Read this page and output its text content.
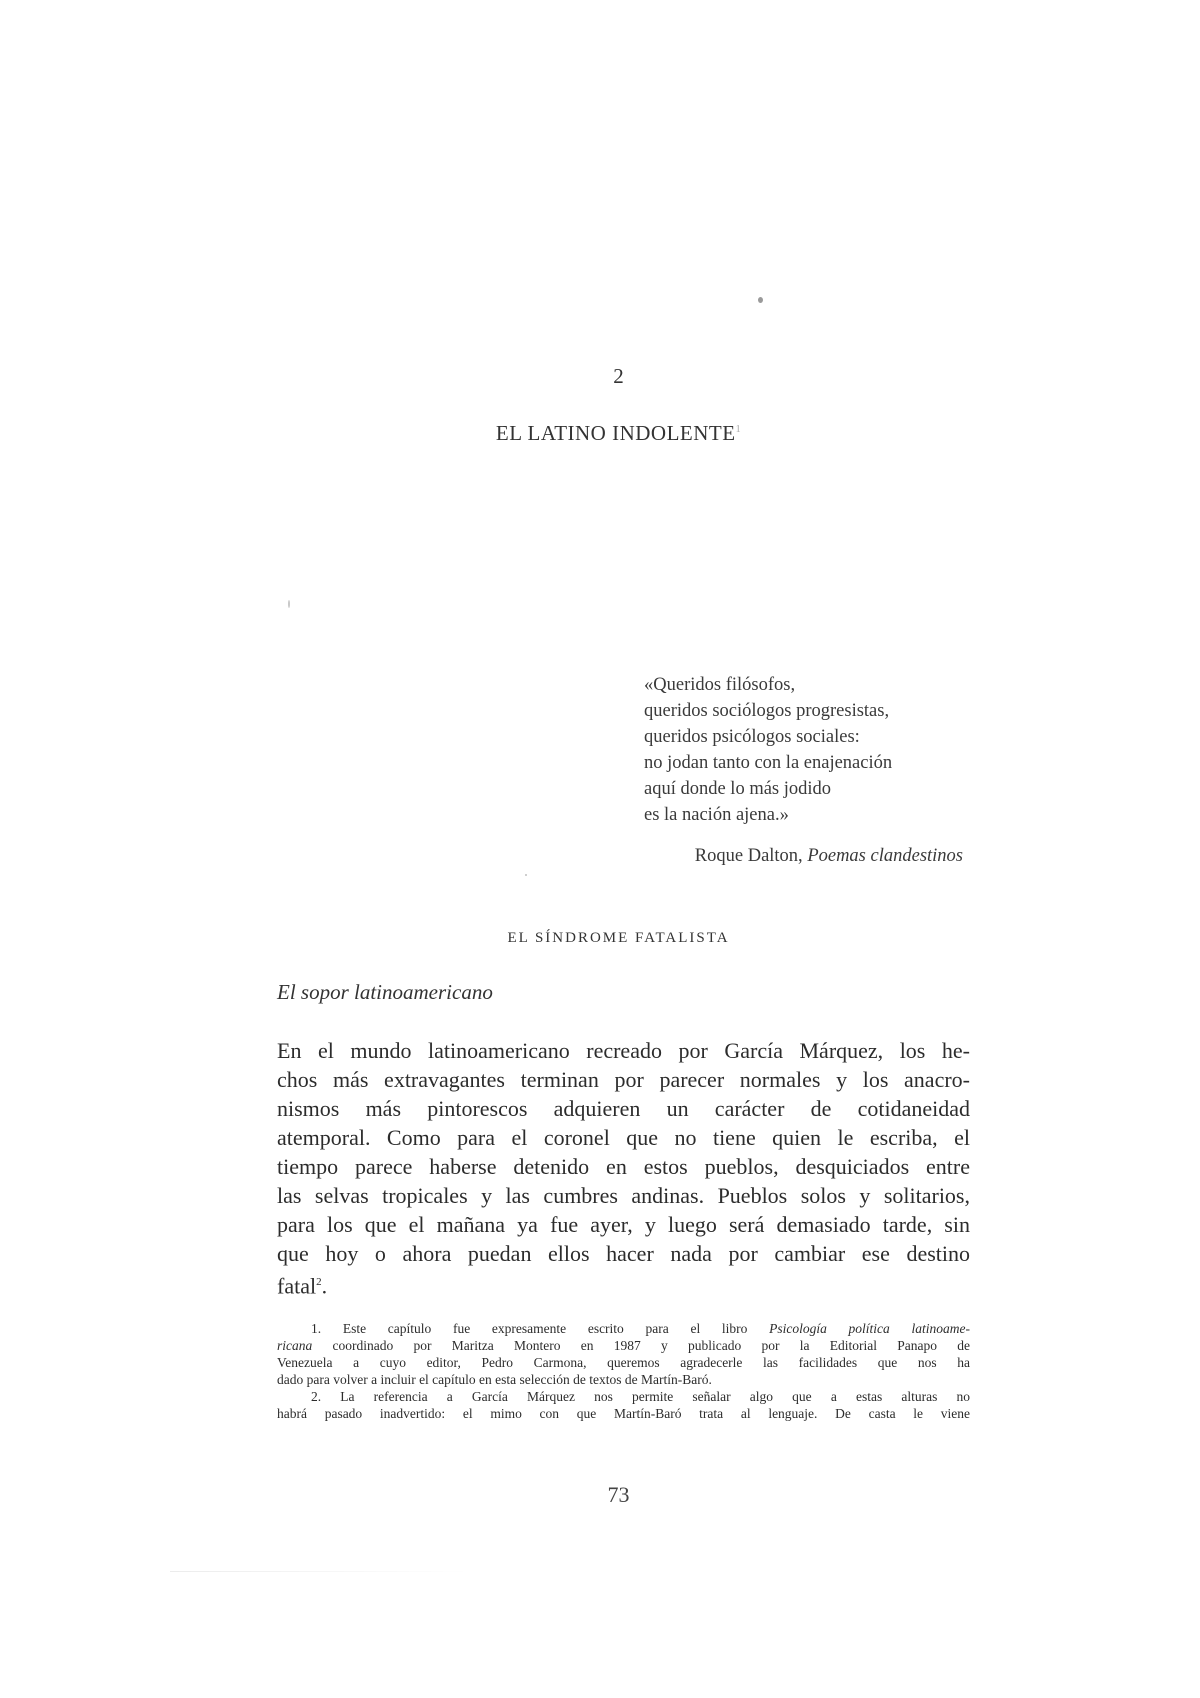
2
EL LATINO INDOLENTE$^1$
«Queridos filósofos,
queridos sociólogos progresistas,
queridos psicólogos sociales:
no jodan tanto con la enajenación
aquí donde lo más jodido
es la nación ajena.»
Roque Dalton, Poemas clandestinos
EL SÍNDROME FATALISTA
El sopor latinoamericano
En el mundo latinoamericano recreado por García Márquez, los he-
chos más extravagantes terminan por parecer normales y los anacro-
nismos más pintorescos adquieren un carácter de cotidaneidad
atemporal. Como para el coronel que no tiene quien le escriba, el
tiempo parece haberse detenido en estos pueblos, desquiciados entre
las selvas tropicales y las cumbres andinas. Pueblos solos y solitarios,
para los que el mañana ya fue ayer, y luego será demasiado tarde, sin
que hoy o ahora puedan ellos hacer nada por cambiar ese destino
fatal$^2$.
1. Este capítulo fue expresamente escrito para el libro Psicología política latinoame-
ricana coordinado por Maritza Montero en 1987 y publicado por la Editorial Panapo de
Venezuela a cuyo editor, Pedro Carmona, queremos agradecerle las facilidades que nos ha
dado para volver a incluir el capítulo en esta selección de textos de Martín-Baró.
2. La referencia a García Márquez nos permite señalar algo que a estas alturas no
habrá pasado inadvertido: el mimo con que Martín-Baró trata al lenguaje. De casta le viene
73
